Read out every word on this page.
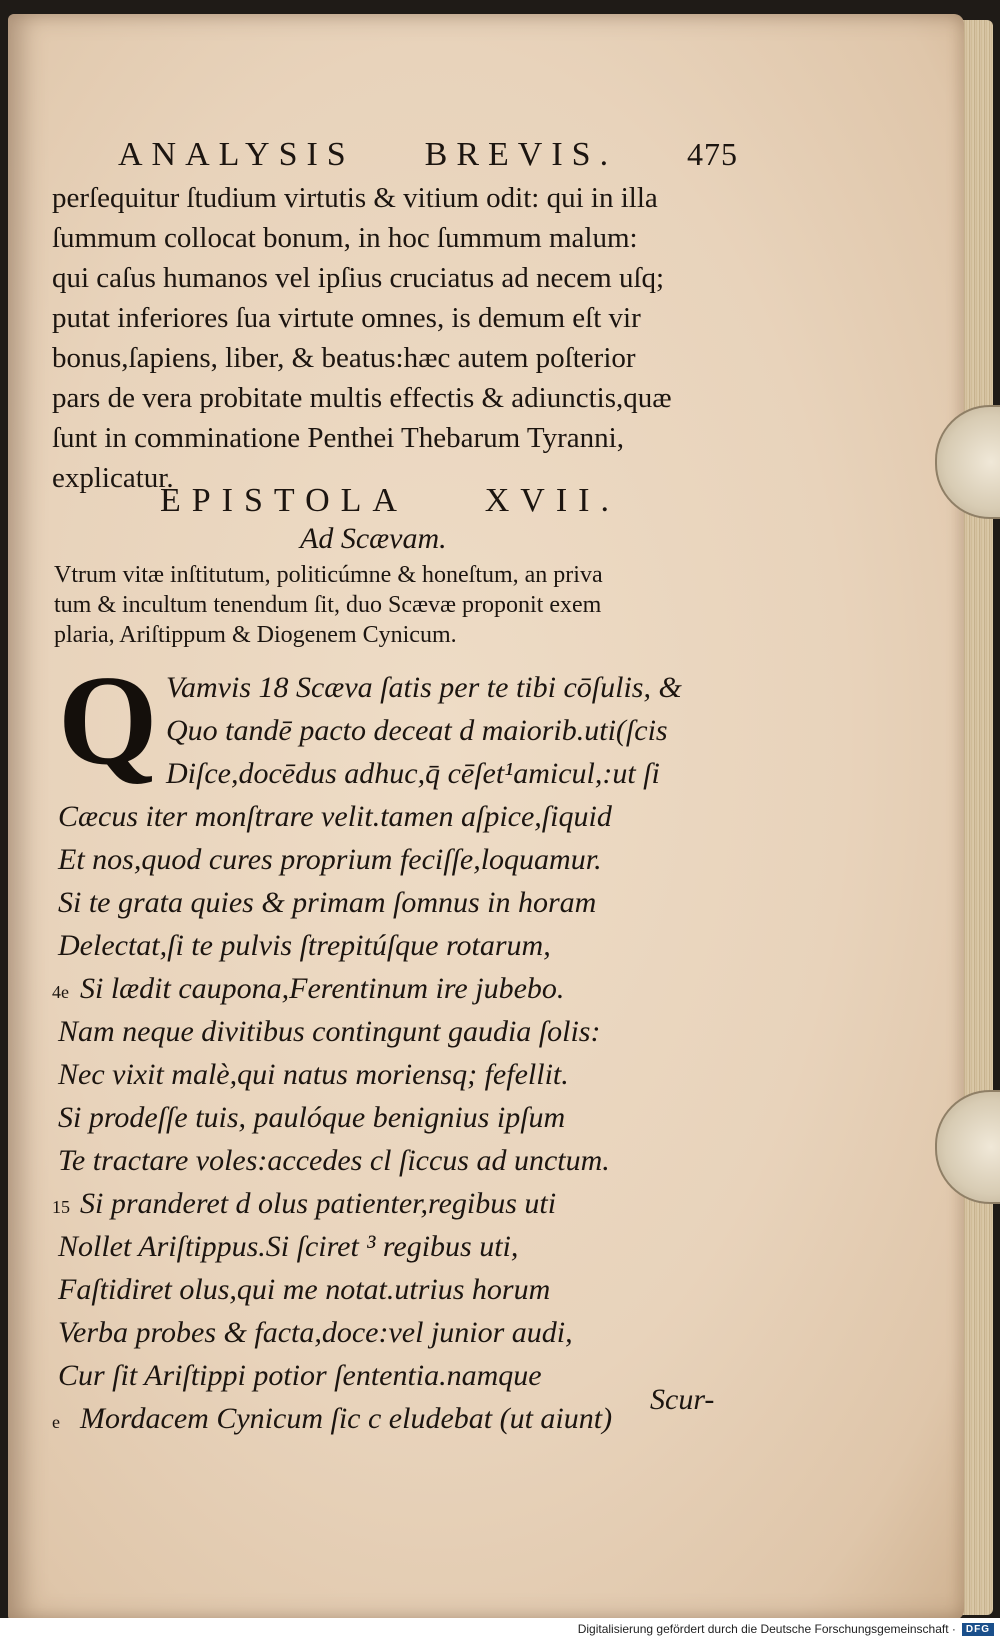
ANALYSIS BREVIS. 475
perſequitur ſtudium virtutis & vitium odit: qui in illa
ſummum collocat bonum, in hoc ſummum malum:
qui caſus humanos vel ipſius cruciatus ad necem uſq;
putat inferiores ſua virtute omnes, is demum eſt vir
bonus,ſapiens, liber, & beatus:hæc autem poſterior
pars de vera probitate multis effectis & adiunctis,quæ
ſunt in comminatione Penthei Thebarum Tyranni,
explicatur.
EPISTOLA XVII.
Ad Scævam.
Vtrum vitæ inſtitutum, politicúmne & honeſtum, an priva
tum & incultum tenendum ſit, duo Scævæ proponit exem
plaria, Ariſtippum & Diogenem Cynicum.
Q Vamvis 18 Scæva ſatis per te tibi cōſulis, &
Quo tandē pacto deceat d maiorib.uti(ſcis
Diſce,docēdus adhuc,q̄ cēſet¹amicul,:ut ſi
Cæcus iter monſtrare velit.tamen aſpice,ſiquid
Et nos,quod cures proprium feciſſe,loquamur.
Si te grata quies & primam ſomnus in horam
Delectat,ſi te pulvis ſtrepitúſque rotarum,
4e Si lædit caupona,Ferentinum ire jubebo.
Nam neque divitibus contingunt gaudia ſolis:
Nec vixit malè,qui natus moriensq; fefellit.
Si prodeſſe tuis, paulóque benignius ipſum
Te tractare voles:accedes cl ſiccus ad unctum.
15 Si pranderet d olus patienter,regibus uti
Nollet Ariſtippus.Si ſciret ³ regibus uti,
Faſtidiret olus,qui me notat.utrius horum
Verba probes & facta,doce:vel junior audi,
Cur ſit Ariſtippi potior ſententia.namque
e Mordacem Cynicum ſic c eludebat (ut aiunt)
Scur-
Digitalisierung gefördert durch die Deutsche Forschungsgemeinschaft ·	DFG
